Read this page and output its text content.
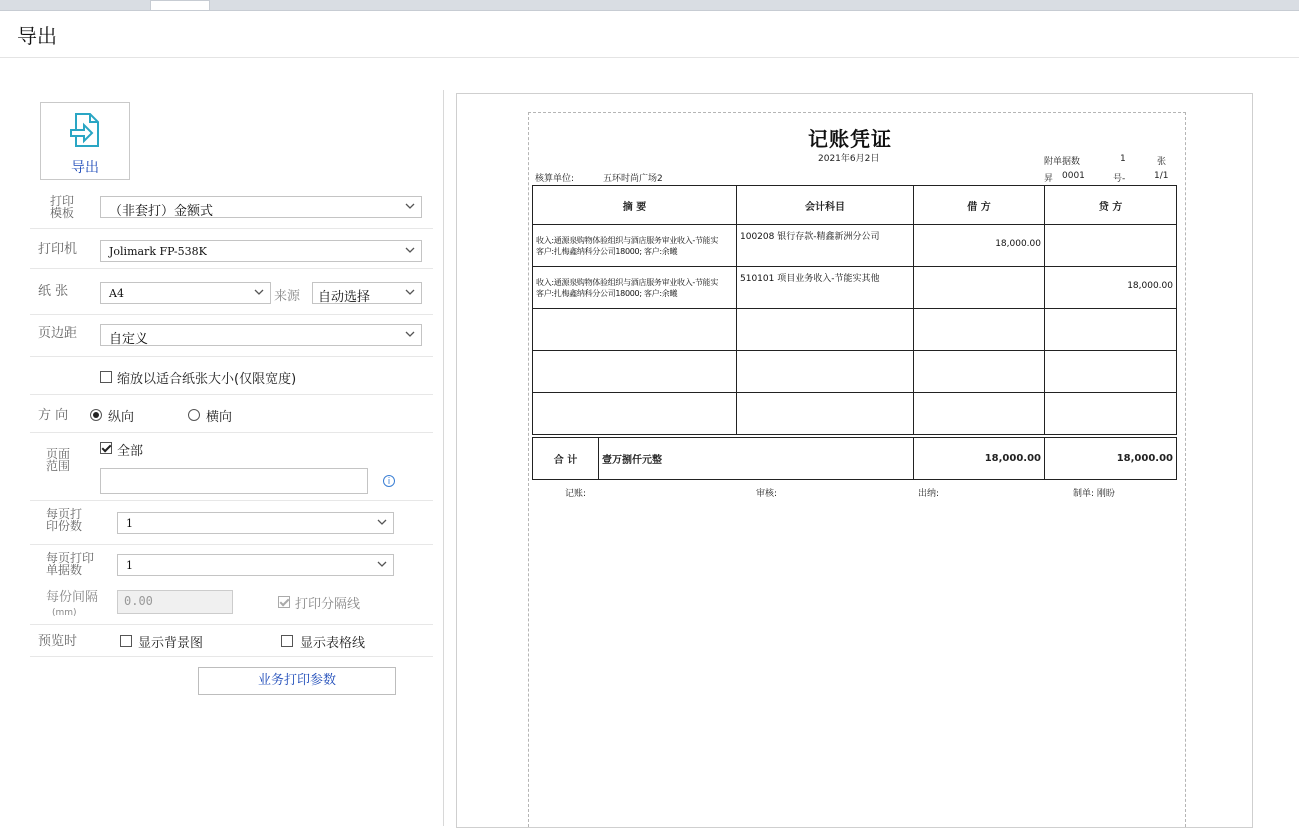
导出
导出
打印
模板	（非套打）金额式
打印机	Jolimark FP-538K
纸 张	A4	来源 自动选择
页边距 自定义
缩放以适合纸张大小(仅限宽度)
方 向	纵向	横向
页面
范围
全部
i
每页打
印份数	1
每页打印
单据数	1
每份间隔
(mm)
0.00	打印分隔线
预览时	显示背景图	显示表格线
业务打印参数
记账凭证
2021年6月2日
核算单位:	五环时尚广场2
附单据数	1	张
昇 0001	号-	1/1
摘 要	会计科目	借 方	贷 方

收入:通源泉购物体验组织与酒店服务审业收入-节能实
客户:扎梅鑫纳科分公司18000; 客户:余曦	100208 银行存款-精鑫新洲分公司	18,000.00	

收入:通源泉购物体验组织与酒店服务审业收入-节能实
客户:扎梅鑫纳科分公司18000; 客户:余曦	510101 项目业务收入-节能实其他		18,000.00

合 计	壹万捌仟元整	18,000.00	18,000.00
记账:	审核:	出纳:	制单: 刚盼
